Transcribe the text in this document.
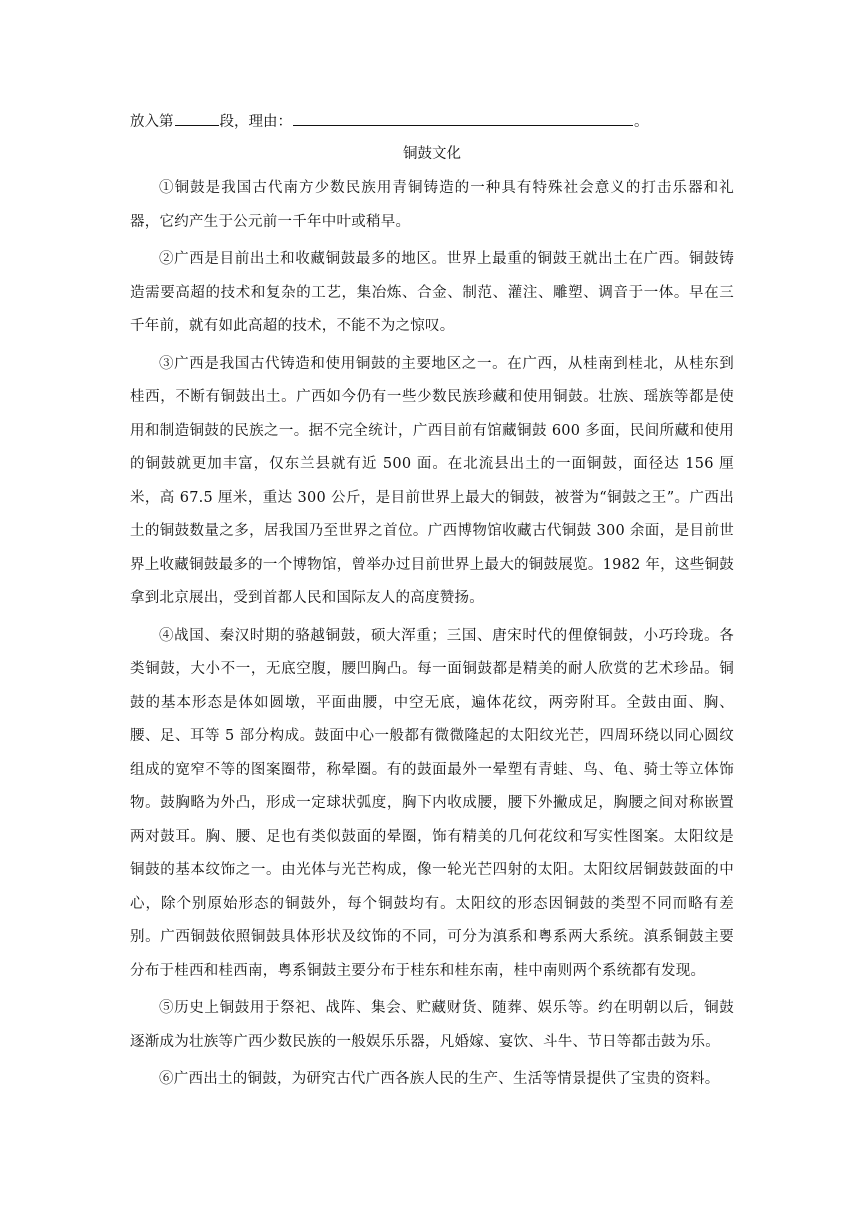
放入第	段，理由：	。
铜鼓文化

①铜鼓是我国古代南方少数民族用青铜铸造的一种具有特殊社会意义的打击乐器和礼器，它约产生于公元前一千年中叶或稍早。

②广西是目前出土和收藏铜鼓最多的地区。世界上最重的铜鼓王就出土在广西。铜鼓铸造需要高超的技术和复杂的工艺，集冶炼、合金、制范、灌注、雕塑、调音于一体。早在三千年前，就有如此高超的技术，不能不为之惊叹。

③广西是我国古代铸造和使用铜鼓的主要地区之一。在广西，从桂南到桂北，从桂东到桂西，不断有铜鼓出土。广西如今仍有一些少数民族珍藏和使用铜鼓。壮族、瑶族等都是使用和制造铜鼓的民族之一。据不完全统计，广西目前有馆藏铜鼓 600 多面，民间所藏和使用的铜鼓就更加丰富，仅东兰县就有近 500 面。在北流县出土的一面铜鼓，面径达 156 厘米，高 67.5 厘米，重达 300 公斤，是目前世界上最大的铜鼓，被誉为“铜鼓之王”。广西出土的铜鼓数量之多，居我国乃至世界之首位。广西博物馆收藏古代铜鼓 300 余面，是目前世界上收藏铜鼓最多的一个博物馆，曾举办过目前世界上最大的铜鼓展览。1982 年，这些铜鼓拿到北京展出，受到首都人民和国际友人的高度赞扬。

④战国、秦汉时期的骆越铜鼓，硕大浑重；三国、唐宋时代的俚僚铜鼓，小巧玲珑。各类铜鼓，大小不一，无底空腹，腰凹胸凸。每一面铜鼓都是精美的耐人欣赏的艺术珍品。铜鼓的基本形态是体如圆墩，平面曲腰，中空无底，遍体花纹，两旁附耳。全鼓由面、胸、腰、足、耳等 5 部分构成。鼓面中心一般都有微微隆起的太阳纹光芒，四周环绕以同心圆纹组成的宽窄不等的图案圈带，称晕圈。有的鼓面最外一晕塑有青蛙、鸟、龟、骑士等立体饰物。鼓胸略为外凸，形成一定球状弧度，胸下内收成腰，腰下外撇成足，胸腰之间对称嵌置两对鼓耳。胸、腰、足也有类似鼓面的晕圈，饰有精美的几何花纹和写实性图案。太阳纹是铜鼓的基本纹饰之一。由光体与光芒构成，像一轮光芒四射的太阳。太阳纹居铜鼓鼓面的中心，除个别原始形态的铜鼓外，每个铜鼓均有。太阳纹的形态因铜鼓的类型不同而略有差别。广西铜鼓依照铜鼓具体形状及纹饰的不同，可分为滇系和粤系两大系统。滇系铜鼓主要分布于桂西和桂西南，粤系铜鼓主要分布于桂东和桂东南，桂中南则两个系统都有发现。

⑤历史上铜鼓用于祭祀、战阵、集会、贮藏财货、随葬、娱乐等。约在明朝以后，铜鼓逐渐成为壮族等广西少数民族的一般娱乐乐器，凡婚嫁、宴饮、斗牛、节日等都击鼓为乐。

⑥广西出土的铜鼓，为研究古代广西各族人民的生产、生活等情景提供了宝贵的资料。
